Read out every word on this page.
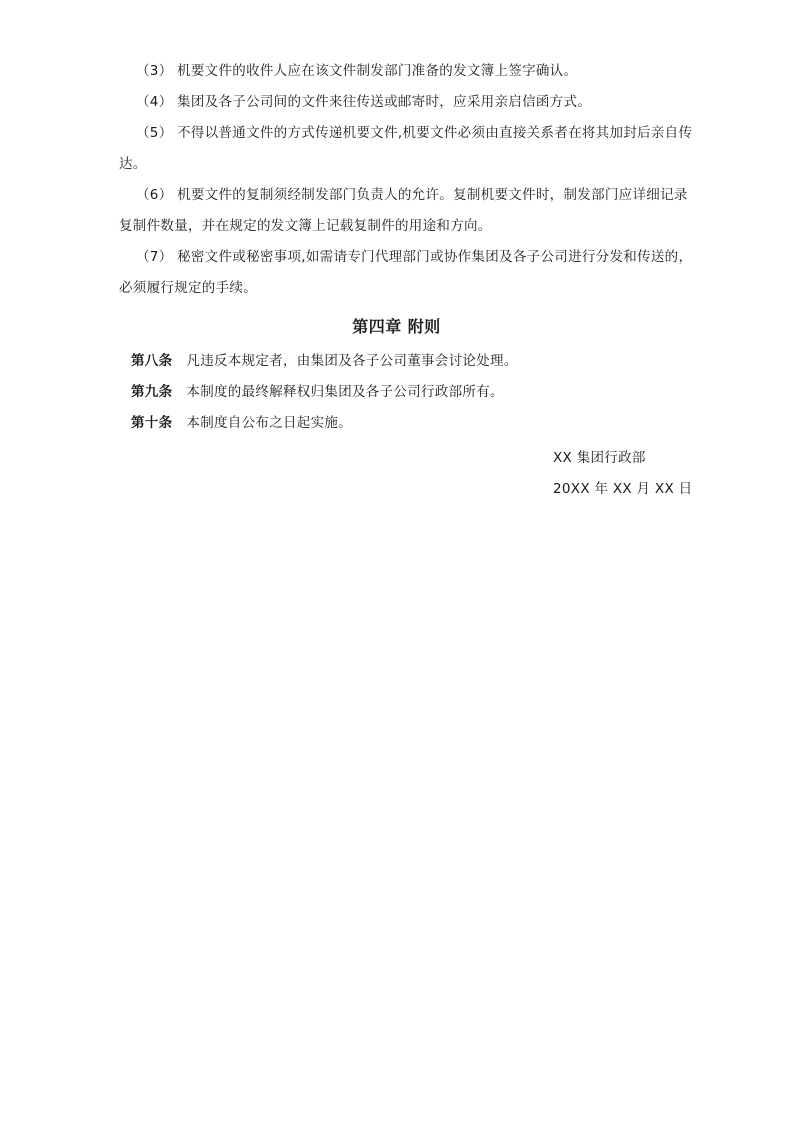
（3） 机要文件的收件人应在该文件制发部门准备的发文簿上签字确认。

（4） 集团及各子公司间的文件来往传送或邮寄时，应采用亲启信函方式。

（5） 不得以普通文件的方式传递机要文件,机要文件必须由直接关系者在将其加封后亲自传达。

（6） 机要文件的复制须经制发部门负责人的允许。复制机要文件时，制发部门应详细记录复制件数量，并在规定的发文簿上记载复制件的用途和方向。

（7） 秘密文件或秘密事项,如需请专门代理部门或协作集团及各子公司进行分发和传送的，必须履行规定的手续。

第四章 附则
第八条 凡违反本规定者，由集团及各子公司董事会讨论处理。
第九条 本制度的最终解释权归集团及各子公司行政部所有。
第十条 本制度自公布之日起实施。
XX 集团行政部
20XX 年 XX 月 XX 日
